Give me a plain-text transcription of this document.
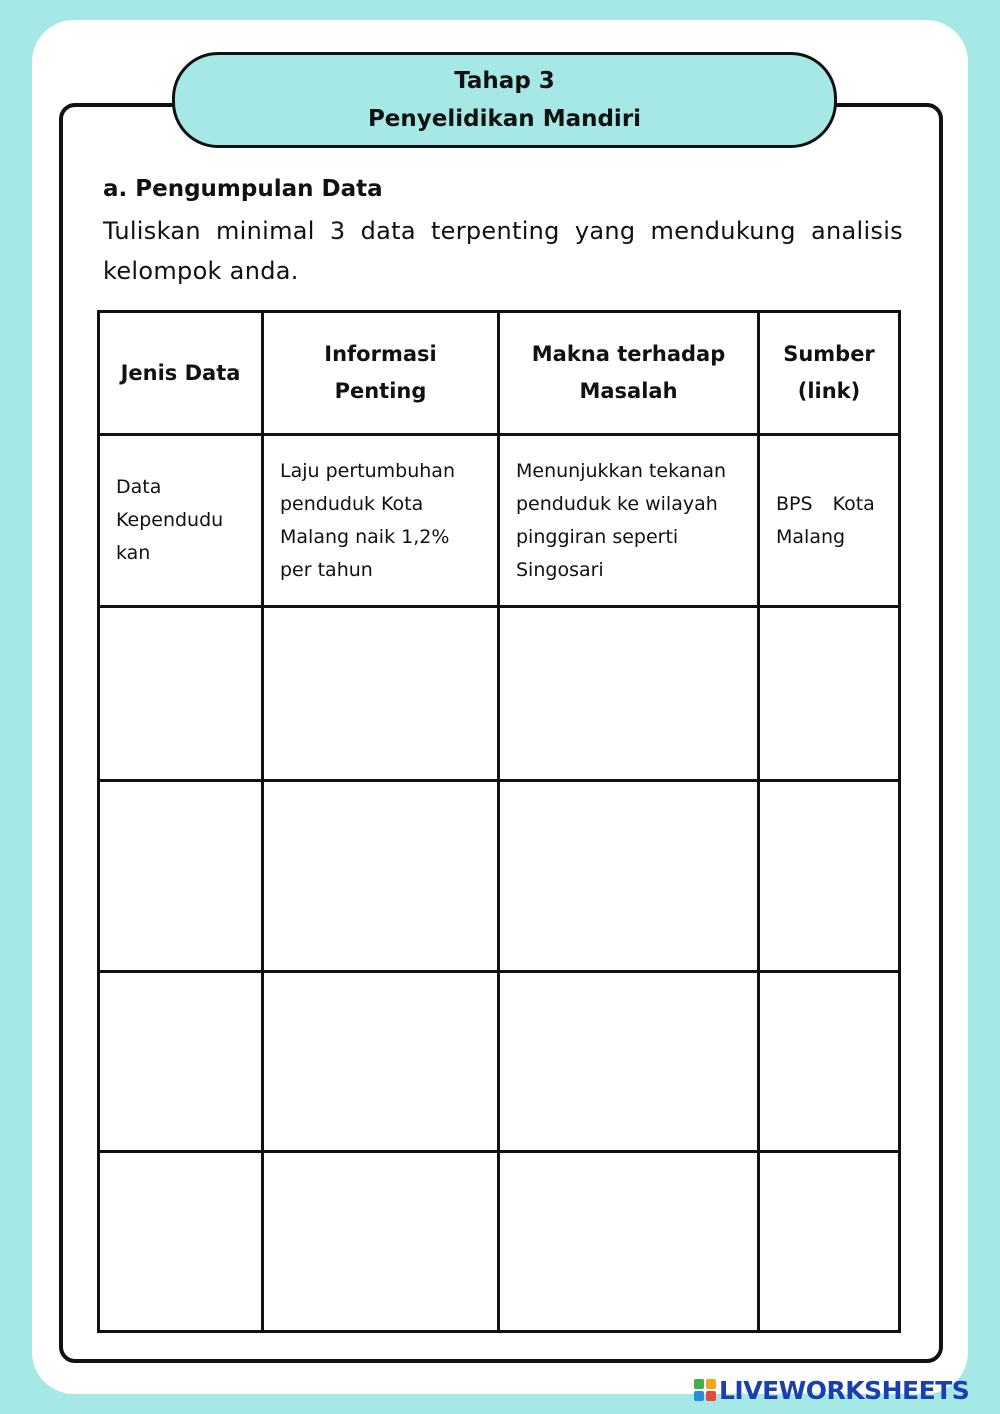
Tahap 3
Penyelidikan Mandiri
a. Pengumpulan Data
Tuliskan minimal 3 data terpenting yang mendukung analisis kelompok anda.
Jenis Data	Informasi Penting	Makna terhadap Masalah	Sumber (link)

Data Kependudu kan	Laju pertumbuhan penduduk Kota Malang naik 1,2% per tahun	Menunjukkan tekanan penduduk ke wilayah pinggiran seperti Singosari	BPS Kota Malang

LIVEWORKSHEETS
